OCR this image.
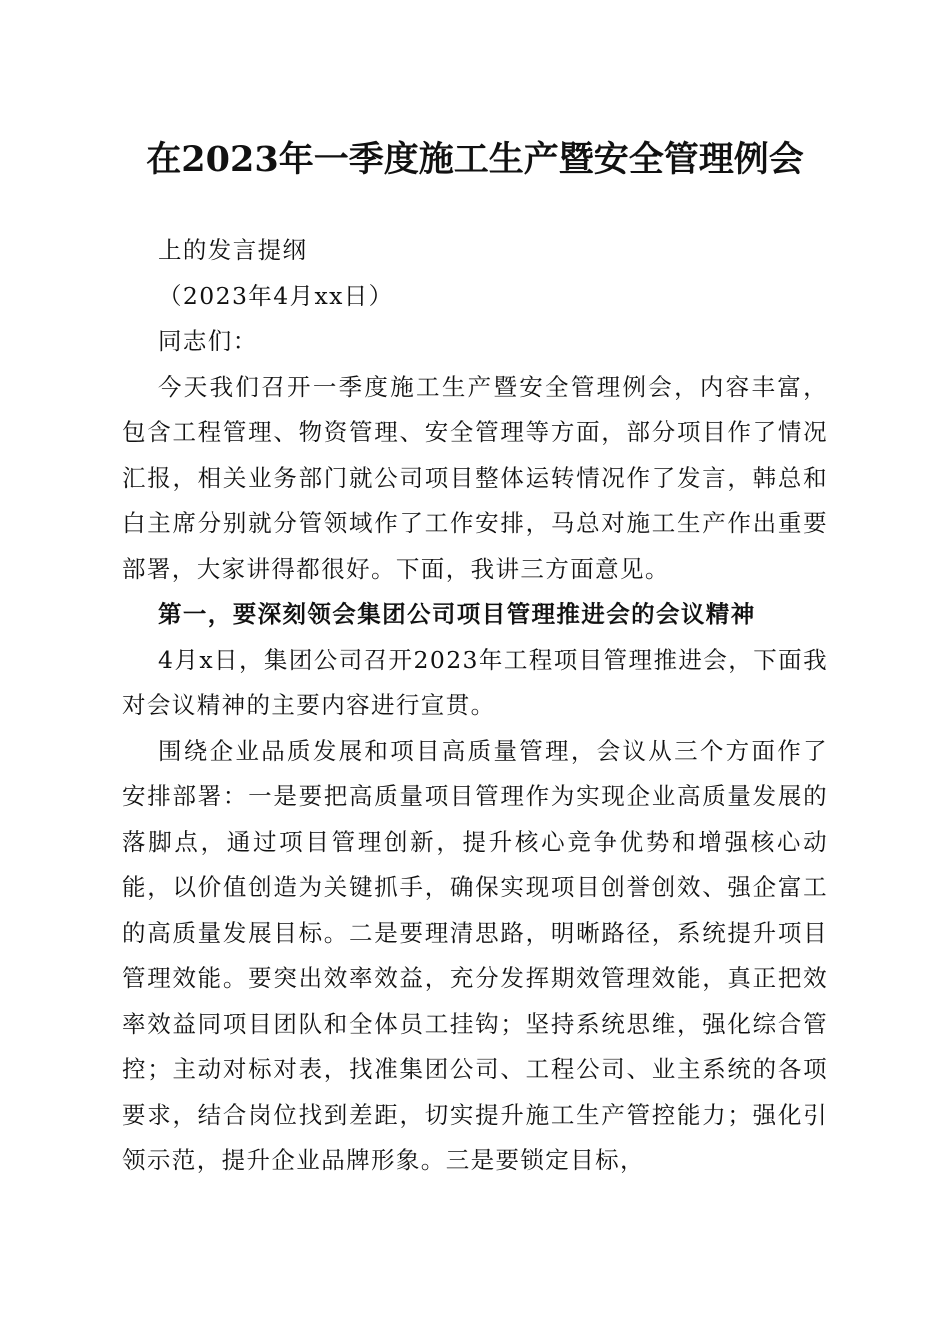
在2023年一季度施工生产暨安全管理例会

上的发言提纲

（2023年4月xx日）

同志们：

今天我们召开一季度施工生产暨安全管理例会，内容丰富，包含工程管理、物资管理、安全管理等方面，部分项目作了情况汇报，相关业务部门就公司项目整体运转情况作了发言，韩总和白主席分别就分管领域作了工作安排，马总对施工生产作出重要部署，大家讲得都很好。下面，我讲三方面意见。

第一，要深刻领会集团公司项目管理推进会的会议精神

4月x日，集团公司召开2023年工程项目管理推进会，下面我对会议精神的主要内容进行宣贯。

围绕企业品质发展和项目高质量管理，会议从三个方面作了安排部署：一是要把高质量项目管理作为实现企业高质量发展的落脚点，通过项目管理创新，提升核心竞争优势和增强核心动能，以价值创造为关键抓手，确保实现项目创誉创效、强企富工的高质量发展目标。二是要理清思路，明晰路径，系统提升项目管理效能。要突出效率效益，充分发挥期效管理效能，真正把效率效益同项目团队和全体员工挂钩；坚持系统思维，强化综合管控；主动对标对表，找准集团公司、工程公司、业主系统的各项要求，结合岗位找到差距，切实提升施工生产管控能力；强化引领示范，提升企业品牌形象。三是要锁定目标，
